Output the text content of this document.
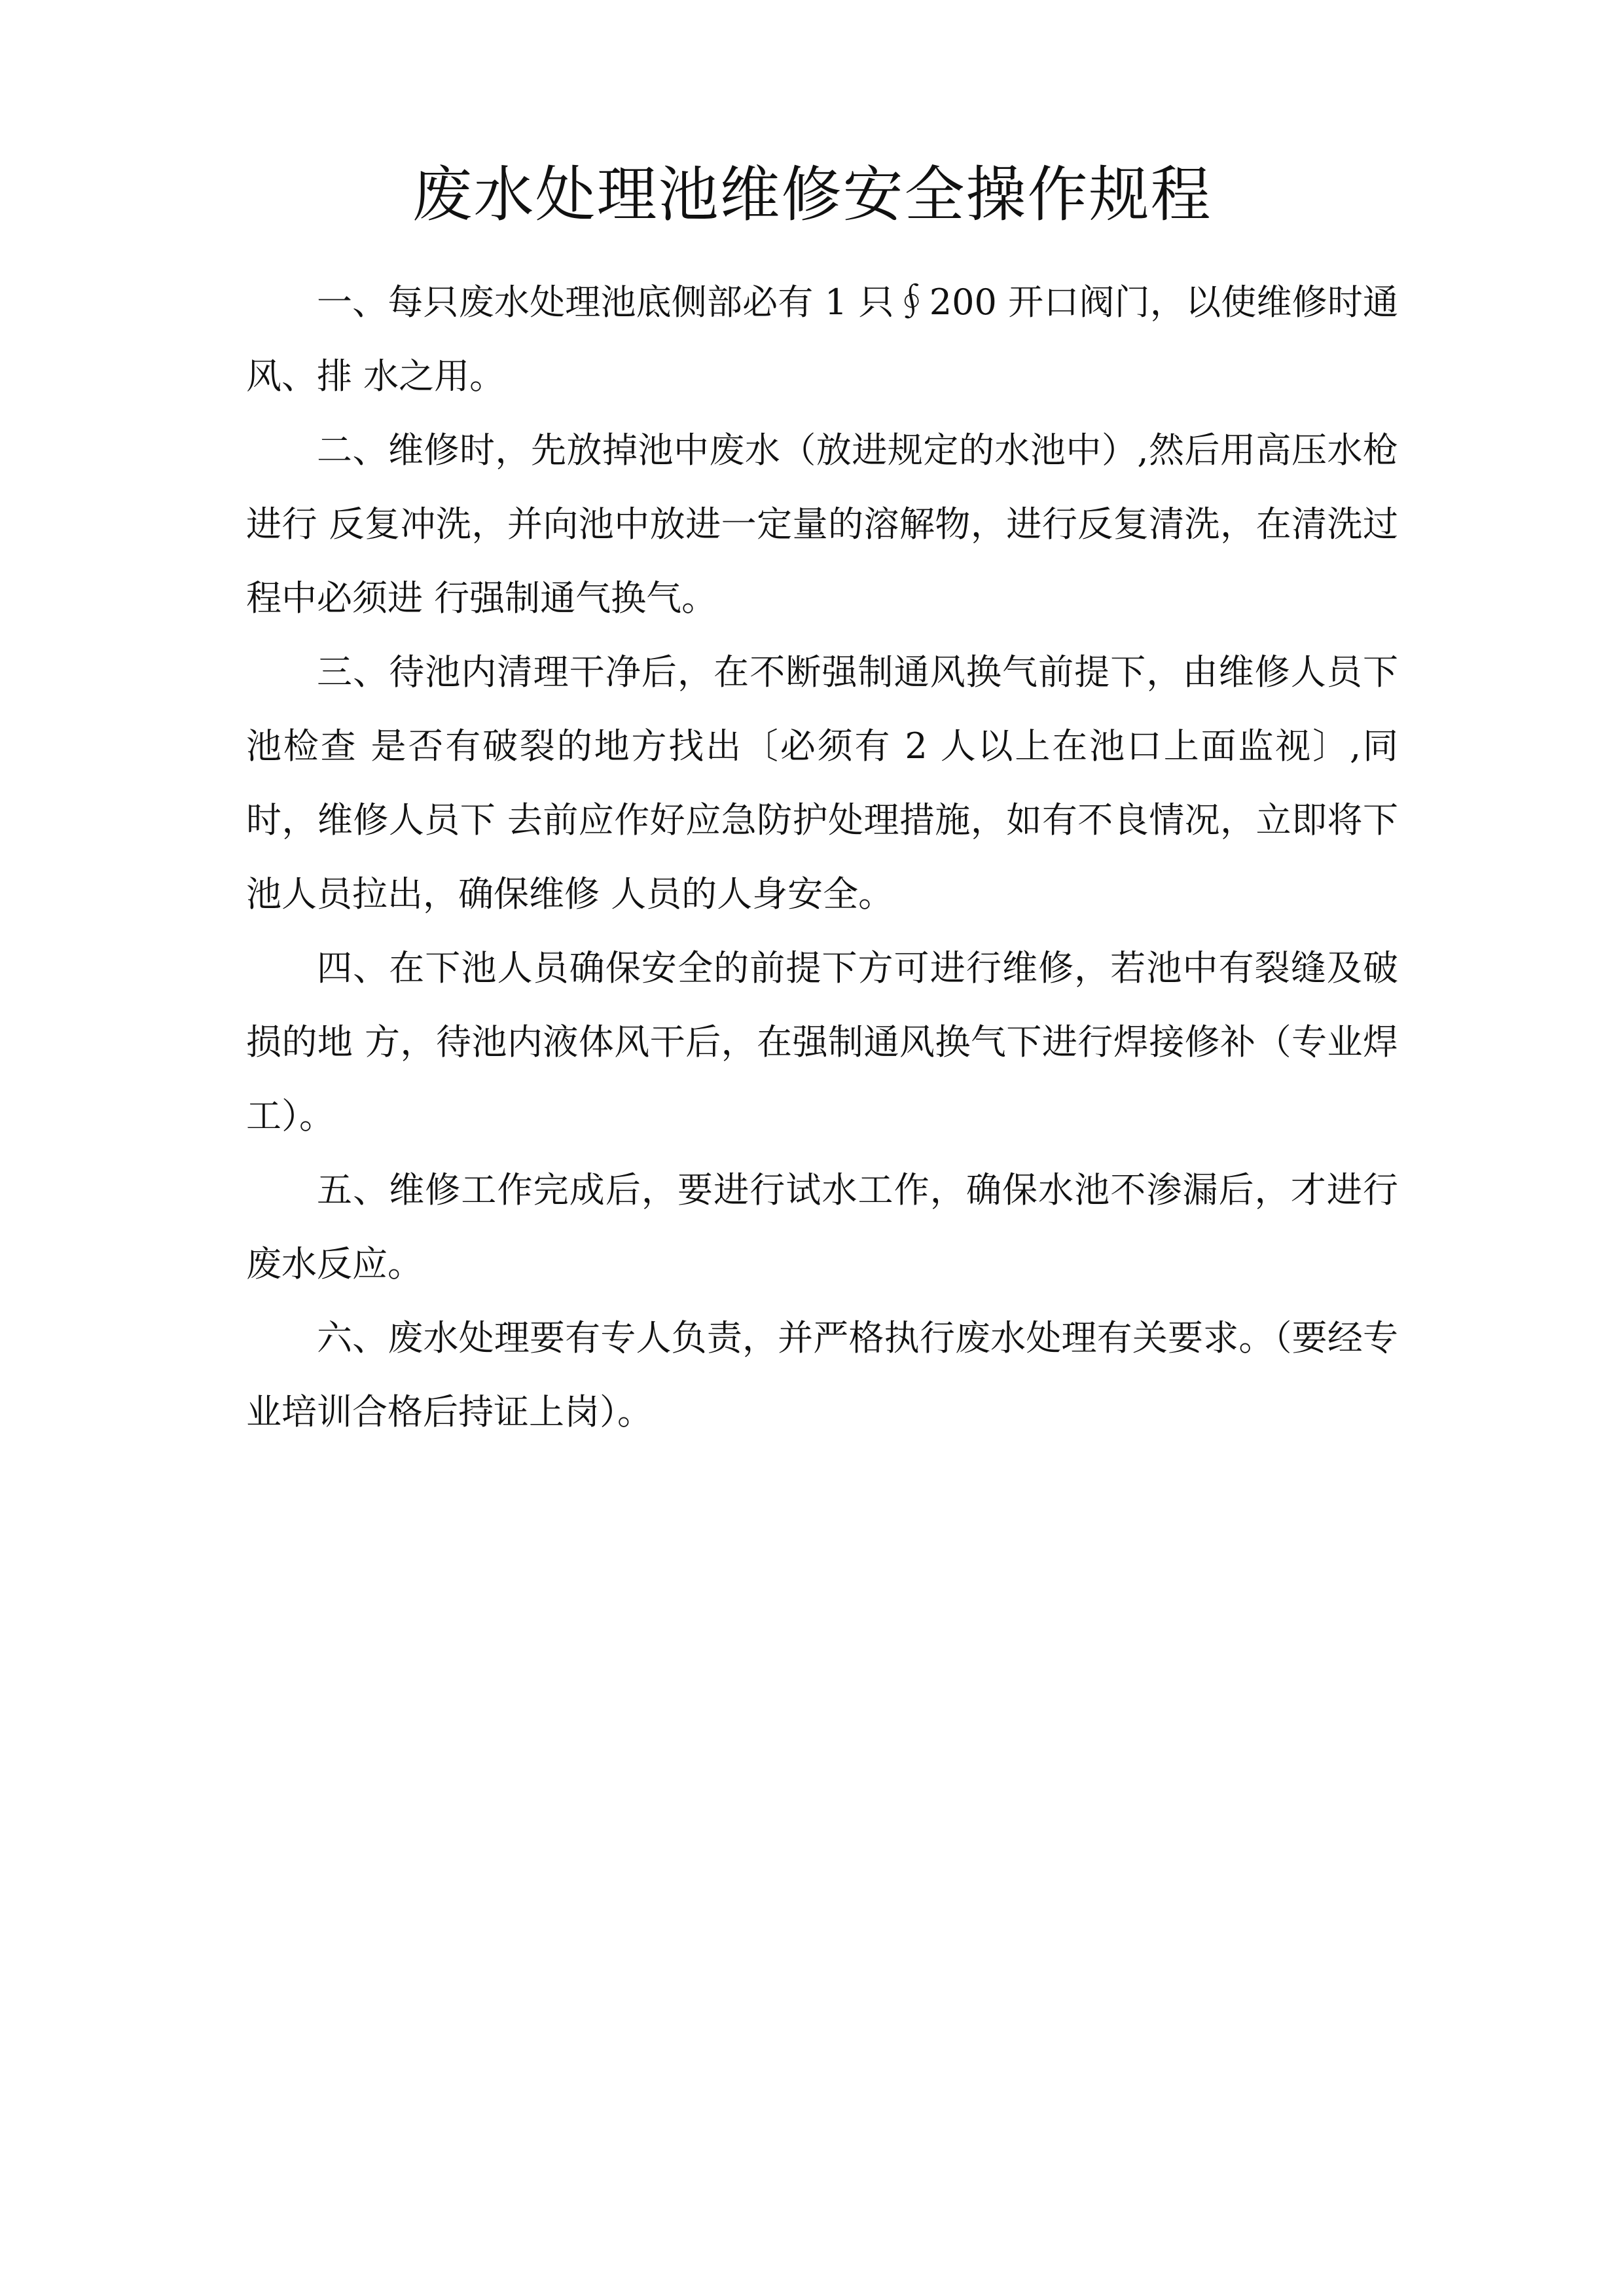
废水处理池维修安全操作规程

一、每只废水处理池底侧部必有 1 只∮200 开口阀门，以使维修时通风、排 水之用。

二、维修时，先放掉池中废水（放进规定的水池中）,然后用高压水枪进行 反复冲洗，并向池中放进一定量的溶解物，进行反复清洗，在清洗过程中必须进 行强制通气换气。

三、待池内清理干净后，在不断强制通风换气前提下，由维修人员下池检查 是否有破裂的地方找出〔必须有 2 人以上在池口上面监视〕,同时，维修人员下 去前应作好应急防护处理措施，如有不良情况，立即将下池人员拉出，确保维修 人员的人身安全。

四、在下池人员确保安全的前提下方可进行维修，若池中有裂缝及破损的地 方，待池内液体风干后，在强制通风换气下进行焊接修补（专业焊工）。

五、维修工作完成后，要进行试水工作，确保水池不渗漏后，才进行废水反应。

六、废水处理要有专人负责，并严格执行废水处理有关要求。（要经专业培训合格后持证上岗）。
